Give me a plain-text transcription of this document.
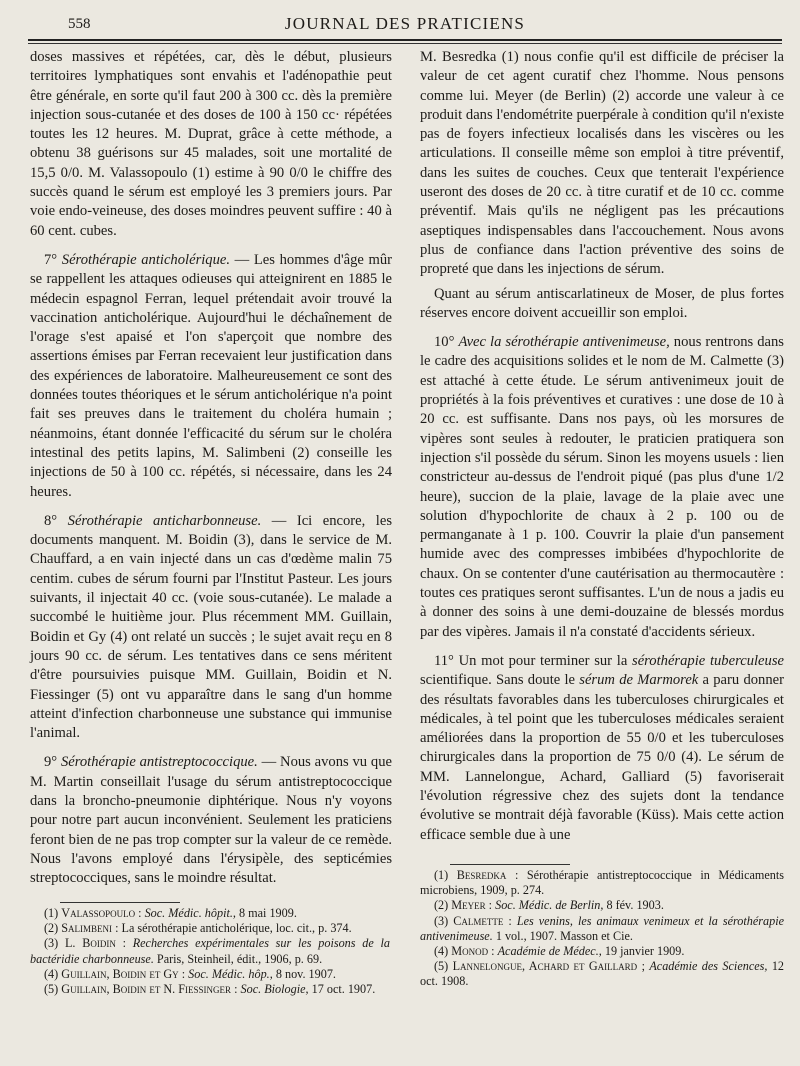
558	JOURNAL DES PRATICIENS

doses massives et répétées, car, dès le début, plusieurs territoires lymphatiques sont envahis et l'adénopathie peut être générale, en sorte qu'il faut 200 à 300 cc. dès la première injection sous-cutanée et des doses de 100 à 150 cc· répétées toutes les 12 heures. M. Duprat, grâce à cette méthode, a obtenu 38 guérisons sur 45 malades, soit une mortalité de 15,5 0/0. M. Valassopoulo (1) estime à 90 0/0 le chiffre des succès quand le sérum est employé les 3 premiers jours. Par voie endo-veineuse, des doses moindres peuvent suffire : 40 à 60 cent. cubes.

7° Sérothérapie anticholérique. — Les hommes d'âge mûr se rappellent les attaques odieuses qui atteignirent en 1885 le médecin espagnol Ferran, lequel prétendait avoir trouvé la vaccination anticholérique. Aujourd'hui le déchaînement de l'orage s'est apaisé et l'on s'aperçoit que nombre des assertions émises par Ferran recevaient leur justification dans des expériences de laboratoire. Malheureusement ce sont des données toutes théoriques et le sérum anticholérique n'a point fait ses preuves dans le traitement du choléra humain ; néanmoins, étant donnée l'efficacité du sérum sur le choléra intestinal des petits lapins, M. Salimbeni (2) conseille les injections de 50 à 100 cc. répétés, si nécessaire, dans les 24 heures.

8° Sérothérapie anticharbonneuse. — Ici encore, les documents manquent. M. Boidin (3), dans le service de M. Chauffard, a en vain injecté dans un cas d'œdème malin 75 centim. cubes de sérum fourni par l'Institut Pasteur. Les jours suivants, il injectait 40 cc. (voie sous-cutanée). Le malade a succombé le huitième jour. Plus récemment MM. Guillain, Boidin et Gy (4) ont relaté un succès ; le sujet avait reçu en 8 jours 90 cc. de sérum. Les tentatives dans ce sens méritent d'être poursuivies puisque MM. Guillain, Boidin et N. Fiessinger (5) ont vu apparaître dans le sang d'un homme atteint d'infection charbonneuse une substance qui immunise l'animal.

9° Sérothérapie antistreptococcique. — Nous avons vu que M. Martin conseillait l'usage du sérum antistreptococcique dans la broncho-pneumonie diphtérique. Nous n'y voyons pour notre part aucun inconvénient. Seulement les praticiens feront bien de ne pas trop compter sur la valeur de ce remède. Nous l'avons employé dans l'érysipèle, des septicémies streptococciques, sans le moindre résultat.

M. Besredka (1) nous confie qu'il est difficile de préciser la valeur de cet agent curatif chez l'homme. Nous pensons comme lui. Meyer (de Berlin) (2) accorde une valeur à ce produit dans l'endométrite puerpérale à condition qu'il n'existe pas de foyers infectieux localisés dans les viscères ou les articulations. Il conseille même son emploi à titre préventif, dans les suites de couches. Ceux que tenterait l'expérience useront des doses de 20 cc. à titre curatif et de 10 cc. comme préventif. Mais qu'ils ne négligent pas les précautions aseptiques indispensables dans l'accouchement. Nous avons plus de confiance dans l'action préventive des soins de propreté que dans les injections de sérum.

Quant au sérum antiscarlatineux de Moser, de plus fortes réserves encore doivent accueillir son emploi.

10° Avec la sérothérapie antivenimeuse, nous rentrons dans le cadre des acquisitions solides et le nom de M. Calmette (3) est attaché à cette étude. Le sérum antivenimeux jouit de propriétés à la fois préventives et curatives : une dose de 10 à 20 cc. est suffisante. Dans nos pays, où les morsures de vipères sont seules à redouter, le praticien pratiquera son injection s'il possède du sérum. Sinon les moyens usuels : lien constricteur au-dessus de l'endroit piqué (pas plus d'une 1/2 heure), succion de la plaie, lavage de la plaie avec une solution d'hypochlorite de chaux à 2 p. 100 ou de permanganate à 1 p. 100. Couvrir la plaie d'un pansement humide avec des compresses imbibées d'hypochlorite de chaux. On se contenter d'une cautérisation au thermocautère : toutes ces pratiques seront suffisantes. L'un de nous a jadis eu à donner des soins à une demi-douzaine de blessés mordus par des vipères. Jamais il n'a constaté d'accidents sérieux.

11° Un mot pour terminer sur la sérothérapie tuberculeuse scientifique. Sans doute le sérum de Marmorek a paru donner des résultats favorables dans les tuberculoses chirurgicales et médicales, à tel point que les tuberculoses médicales seraient améliorées dans la proportion de 55 0/0 et les tuberculoses chirurgicales dans la proportion de 75 0/0 (4). Le sérum de MM. Lannelongue, Achard, Galliard (5) favoriserait l'évolution régressive chez des sujets dont la tendance évolutive se montrait déjà favorable (Küss). Mais cette action efficace semble due à une

(1) Valassopoulo : Soc. Médic. hôpit., 8 mai 1909.
(2) Salimbeni : La sérothérapie anticholérique, loc. cit., p. 374.
(3) L. Boidin : Recherches expérimentales sur les poisons de la bactéridie charbonneuse. Paris, Steinheil, édit., 1906, p. 69.
(4) Guillain, Boidin et Gy : Soc. Médic. hôp., 8 nov. 1907.
(5) Guillain, Boidin et N. Fiessinger : Soc. Biologie, 17 oct. 1907.
(1) Besredka : Sérothérapie antistreptococcique in Médicaments microbiens, 1909, p. 274.
(2) Meyer : Soc. Médic. de Berlin, 8 fév. 1903.
(3) Calmette : Les venins, les animaux venimeux et la sérothérapie antivenimeuse. 1 vol., 1907. Masson et Cie.
(4) Monod : Académie de Médec., 19 janvier 1909.
(5) Lannelongue, Achard et Gaillard ; Académie des Sciences, 12 oct. 1908.
